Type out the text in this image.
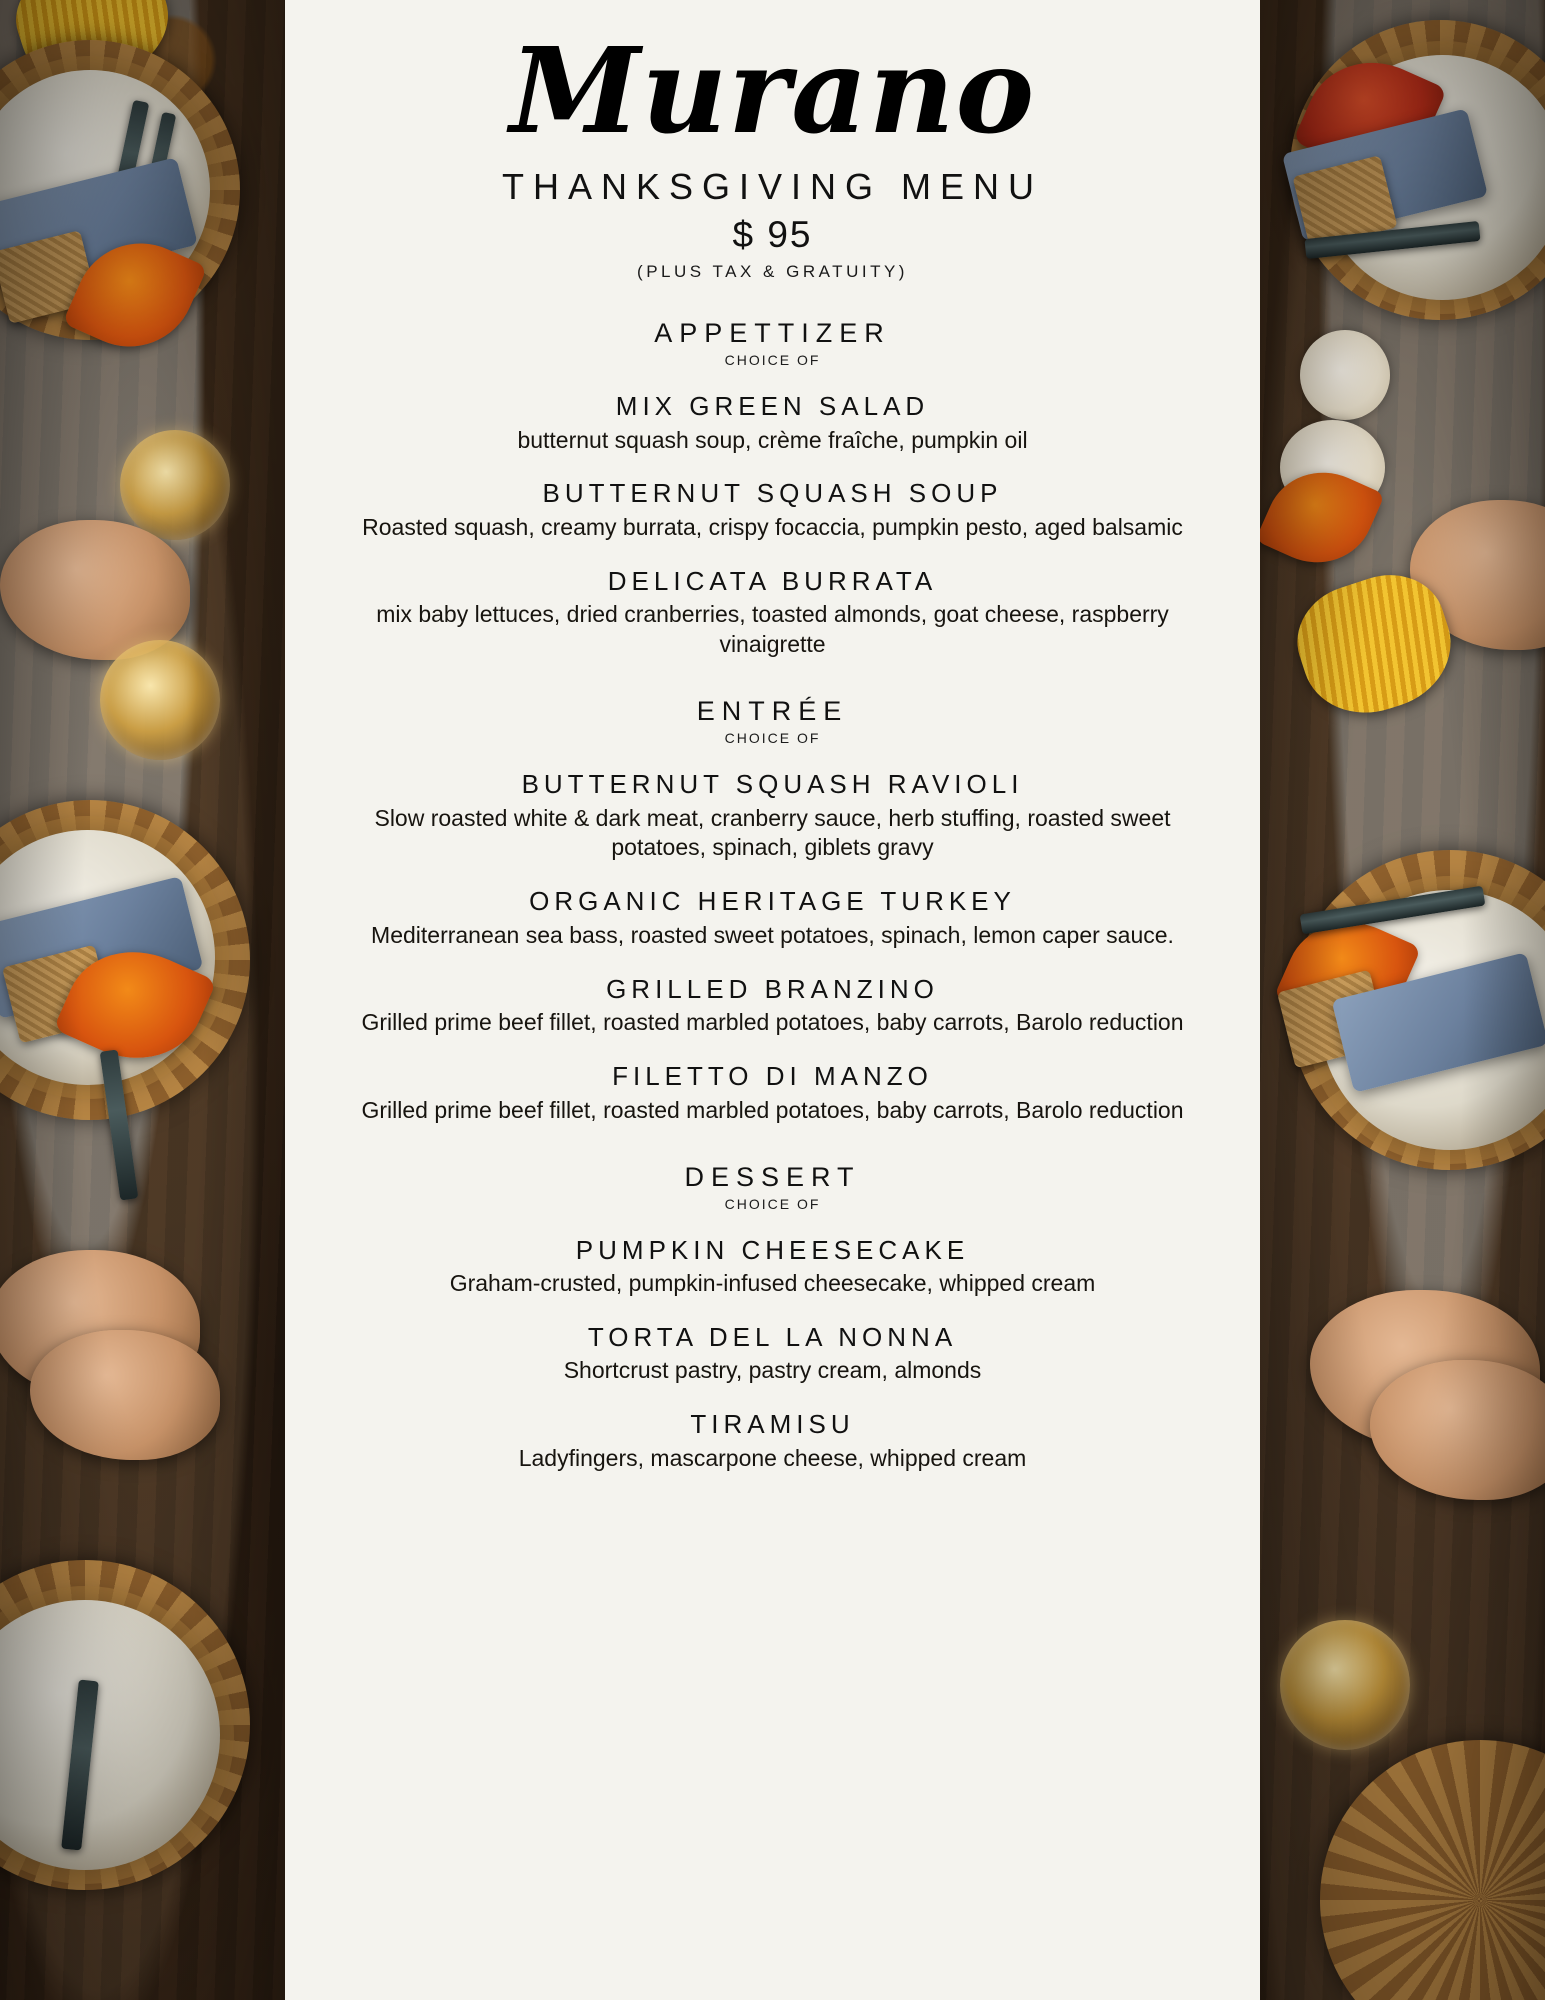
Murano
THANKSGIVING MENU
$ 95
(PLUS TAX & GRATUITY)
APPETTIZER
CHOICE OF
MIX GREEN SALAD
butternut squash soup, crème fraîche, pumpkin oil
BUTTERNUT SQUASH SOUP
Roasted squash, creamy burrata, crispy focaccia, pumpkin pesto, aged balsamic
DELICATA BURRATA
mix baby lettuces, dried cranberries, toasted almonds, goat cheese, raspberry vinaigrette
ENTRÉE
CHOICE OF
BUTTERNUT SQUASH RAVIOLI
Slow roasted white & dark meat, cranberry sauce, herb stuffing, roasted sweet potatoes, spinach, giblets gravy
ORGANIC HERITAGE TURKEY
Mediterranean sea bass, roasted sweet potatoes, spinach, lemon caper sauce.
GRILLED BRANZINO
Grilled prime beef fillet, roasted marbled potatoes, baby carrots, Barolo reduction
FILETTO DI MANZO
Grilled prime beef fillet, roasted marbled potatoes, baby carrots, Barolo reduction
DESSERT
CHOICE OF
PUMPKIN CHEESECAKE
Graham-crusted, pumpkin-infused cheesecake, whipped cream
TORTA DEL LA NONNA
Shortcrust pastry, pastry cream, almonds
TIRAMISU
Ladyfingers, mascarpone cheese, whipped cream
